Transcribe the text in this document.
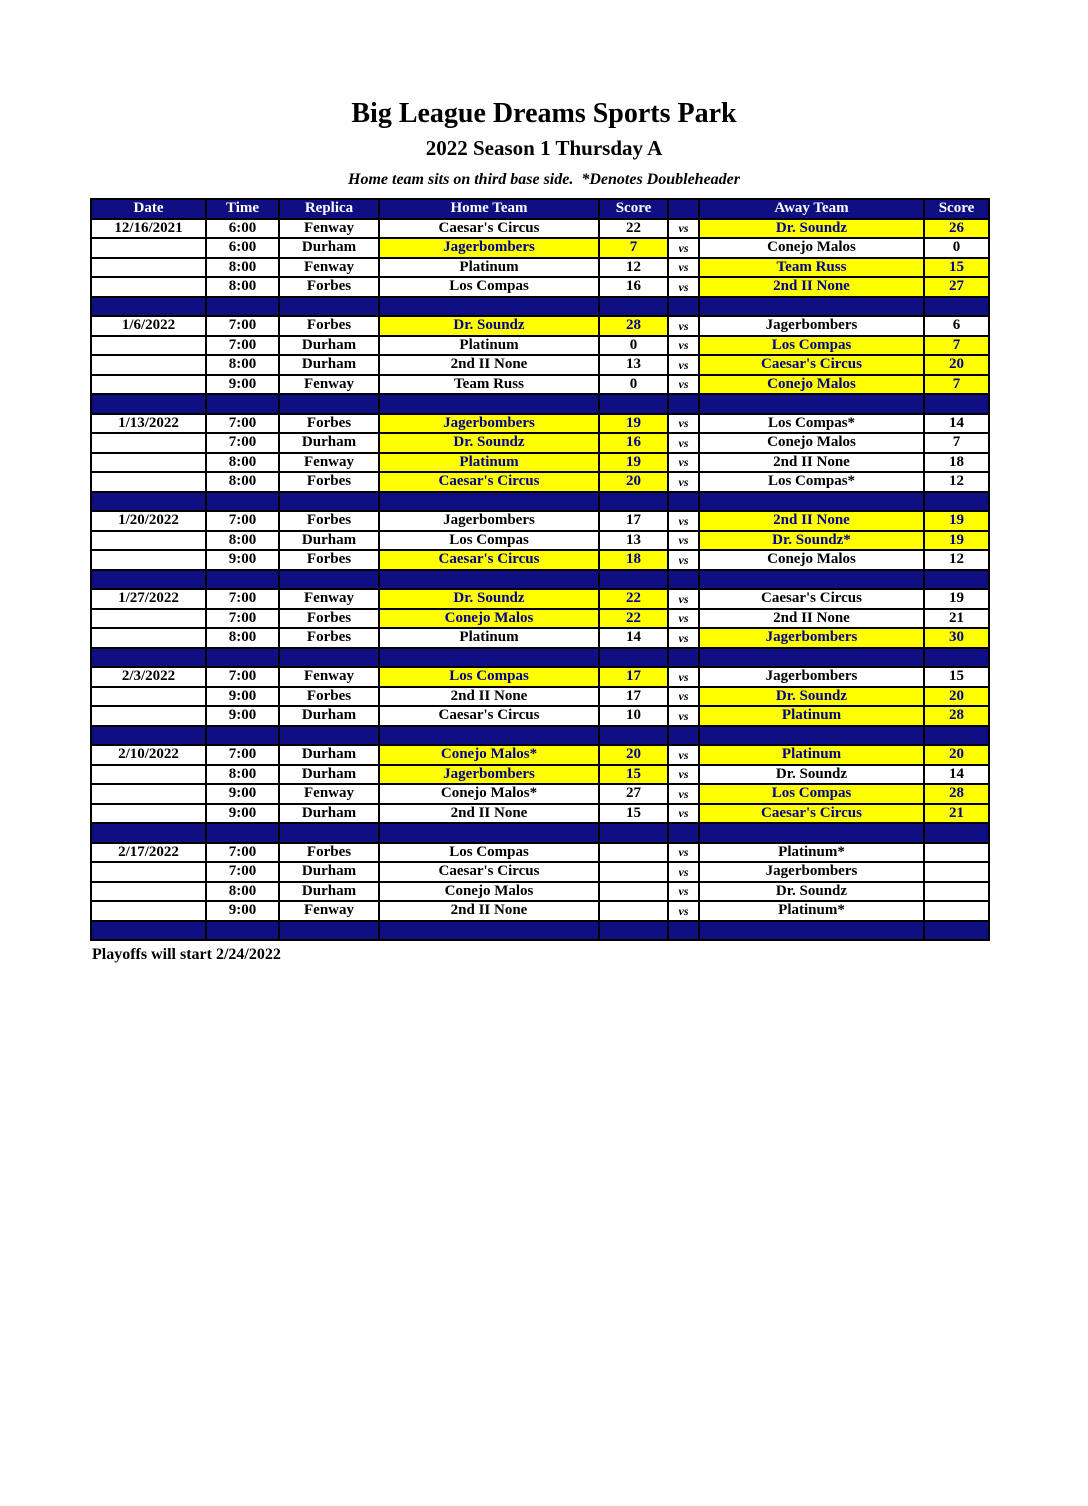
Big League Dreams Sports Park
2022 Season 1 Thursday A
Home team sits on third base side.  *Denotes Doubleheader
Date	Time	Replica	Home Team	Score		Away Team	Score
12/16/2021	6:00	Fenway	Caesar's Circus	22	vs	Dr. Soundz	26
	6:00	Durham	Jagerbombers	7	vs	Conejo Malos	0
	8:00	Fenway	Platinum	12	vs	Team Russ	15
	8:00	Forbes	Los Compas	16	vs	2nd II None	27

1/6/2022	7:00	Forbes	Dr. Soundz	28	vs	Jagerbombers	6
	7:00	Durham	Platinum	0	vs	Los Compas	7
	8:00	Durham	2nd II None	13	vs	Caesar's Circus	20
	9:00	Fenway	Team Russ	0	vs	Conejo Malos	7

1/13/2022	7:00	Forbes	Jagerbombers	19	vs	Los Compas*	14
	7:00	Durham	Dr. Soundz	16	vs	Conejo Malos	7
	8:00	Fenway	Platinum	19	vs	2nd II None	18
	8:00	Forbes	Caesar's Circus	20	vs	Los Compas*	12

1/20/2022	7:00	Forbes	Jagerbombers	17	vs	2nd II None	19
	8:00	Durham	Los Compas	13	vs	Dr. Soundz*	19
	9:00	Forbes	Caesar's Circus	18	vs	Conejo Malos	12

1/27/2022	7:00	Fenway	Dr. Soundz	22	vs	Caesar's Circus	19
	7:00	Forbes	Conejo Malos	22	vs	2nd II None	21
	8:00	Forbes	Platinum	14	vs	Jagerbombers	30

2/3/2022	7:00	Fenway	Los Compas	17	vs	Jagerbombers	15
	9:00	Forbes	2nd II None	17	vs	Dr. Soundz	20
	9:00	Durham	Caesar's Circus	10	vs	Platinum	28

2/10/2022	7:00	Durham	Conejo Malos*	20	vs	Platinum	20
	8:00	Durham	Jagerbombers	15	vs	Dr. Soundz	14
	9:00	Fenway	Conejo Malos*	27	vs	Los Compas	28
	9:00	Durham	2nd II None	15	vs	Caesar's Circus	21

2/17/2022	7:00	Forbes	Los Compas		vs	Platinum*	
	7:00	Durham	Caesar's Circus		vs	Jagerbombers	
	8:00	Durham	Conejo Malos		vs	Dr. Soundz	
	9:00	Fenway	2nd II None		vs	Platinum*	

Playoffs will start 2/24/2022
